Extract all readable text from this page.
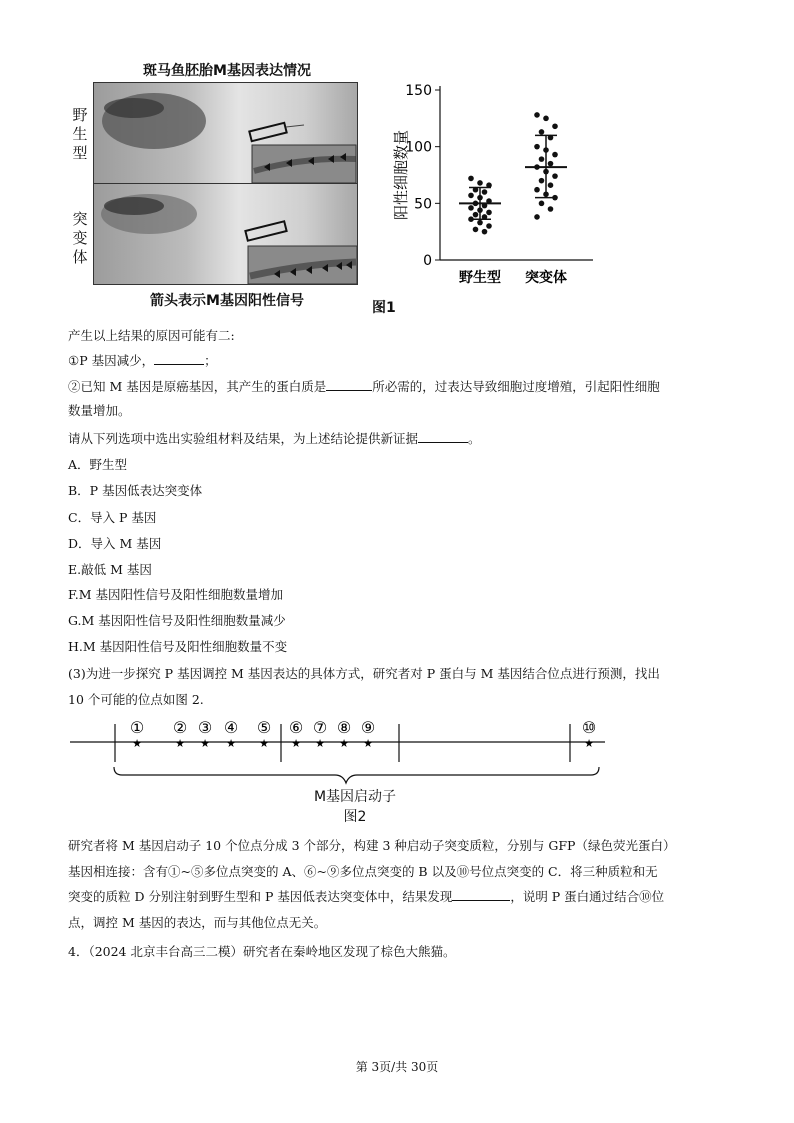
斑马鱼胚胎M基因表达情况
野生型
突变体
箭头表示M基因阳性信号
0
50
100
150
阳性细胞数量
野生型 突变体
图1
产生以上结果的原因可能有二:
①P 基因减少，	；
②已知 M 基因是原癌基因，其产生的蛋白质是	所必需的，过表达导致细胞过度增殖，引起阳性细胞
数量增加。
请从下列选项中选出实验组材料及结果，为上述结论提供新证据	。
A．野生型
B．P 基因低表达突变体
C．导入 P 基因
D．导入 M 基因
E.敲低 M 基因
F.M 基因阳性信号及阳性细胞数量增加
G.M 基因阳性信号及阳性细胞数量减少
H.M 基因阳性信号及阳性细胞数量不变
(3)为进一步探究 P 基因调控 M 基因表达的具体方式，研究者对 P 蛋白与 M 基因结合位点进行预测，找出
10 个可能的位点如图 2.
①
★
②
★
③
★
④
★
⑤
★
⑥
★
⑦
★
⑧
★
⑨
★
⑩
★
M基因启动子
图2
研究者将 M 基因启动子 10 个位点分成 3 个部分，构建 3 种启动子突变质粒，分别与 GFP（绿色荧光蛋白）
基因相连接：含有①~⑤多位点突变的 A、⑥~⑨多位点突变的 B 以及⑩号位点突变的 C．将三种质粒和无
突变的质粒 D 分别注射到野生型和 P 基因低表达突变体中，结果发现	，说明 P 蛋白通过结合⑩位
点，调控 M 基因的表达，而与其他位点无关。
4．（2024 北京丰台高三二模）研究者在秦岭地区发现了棕色大熊猫。
第 3页/共 30页
